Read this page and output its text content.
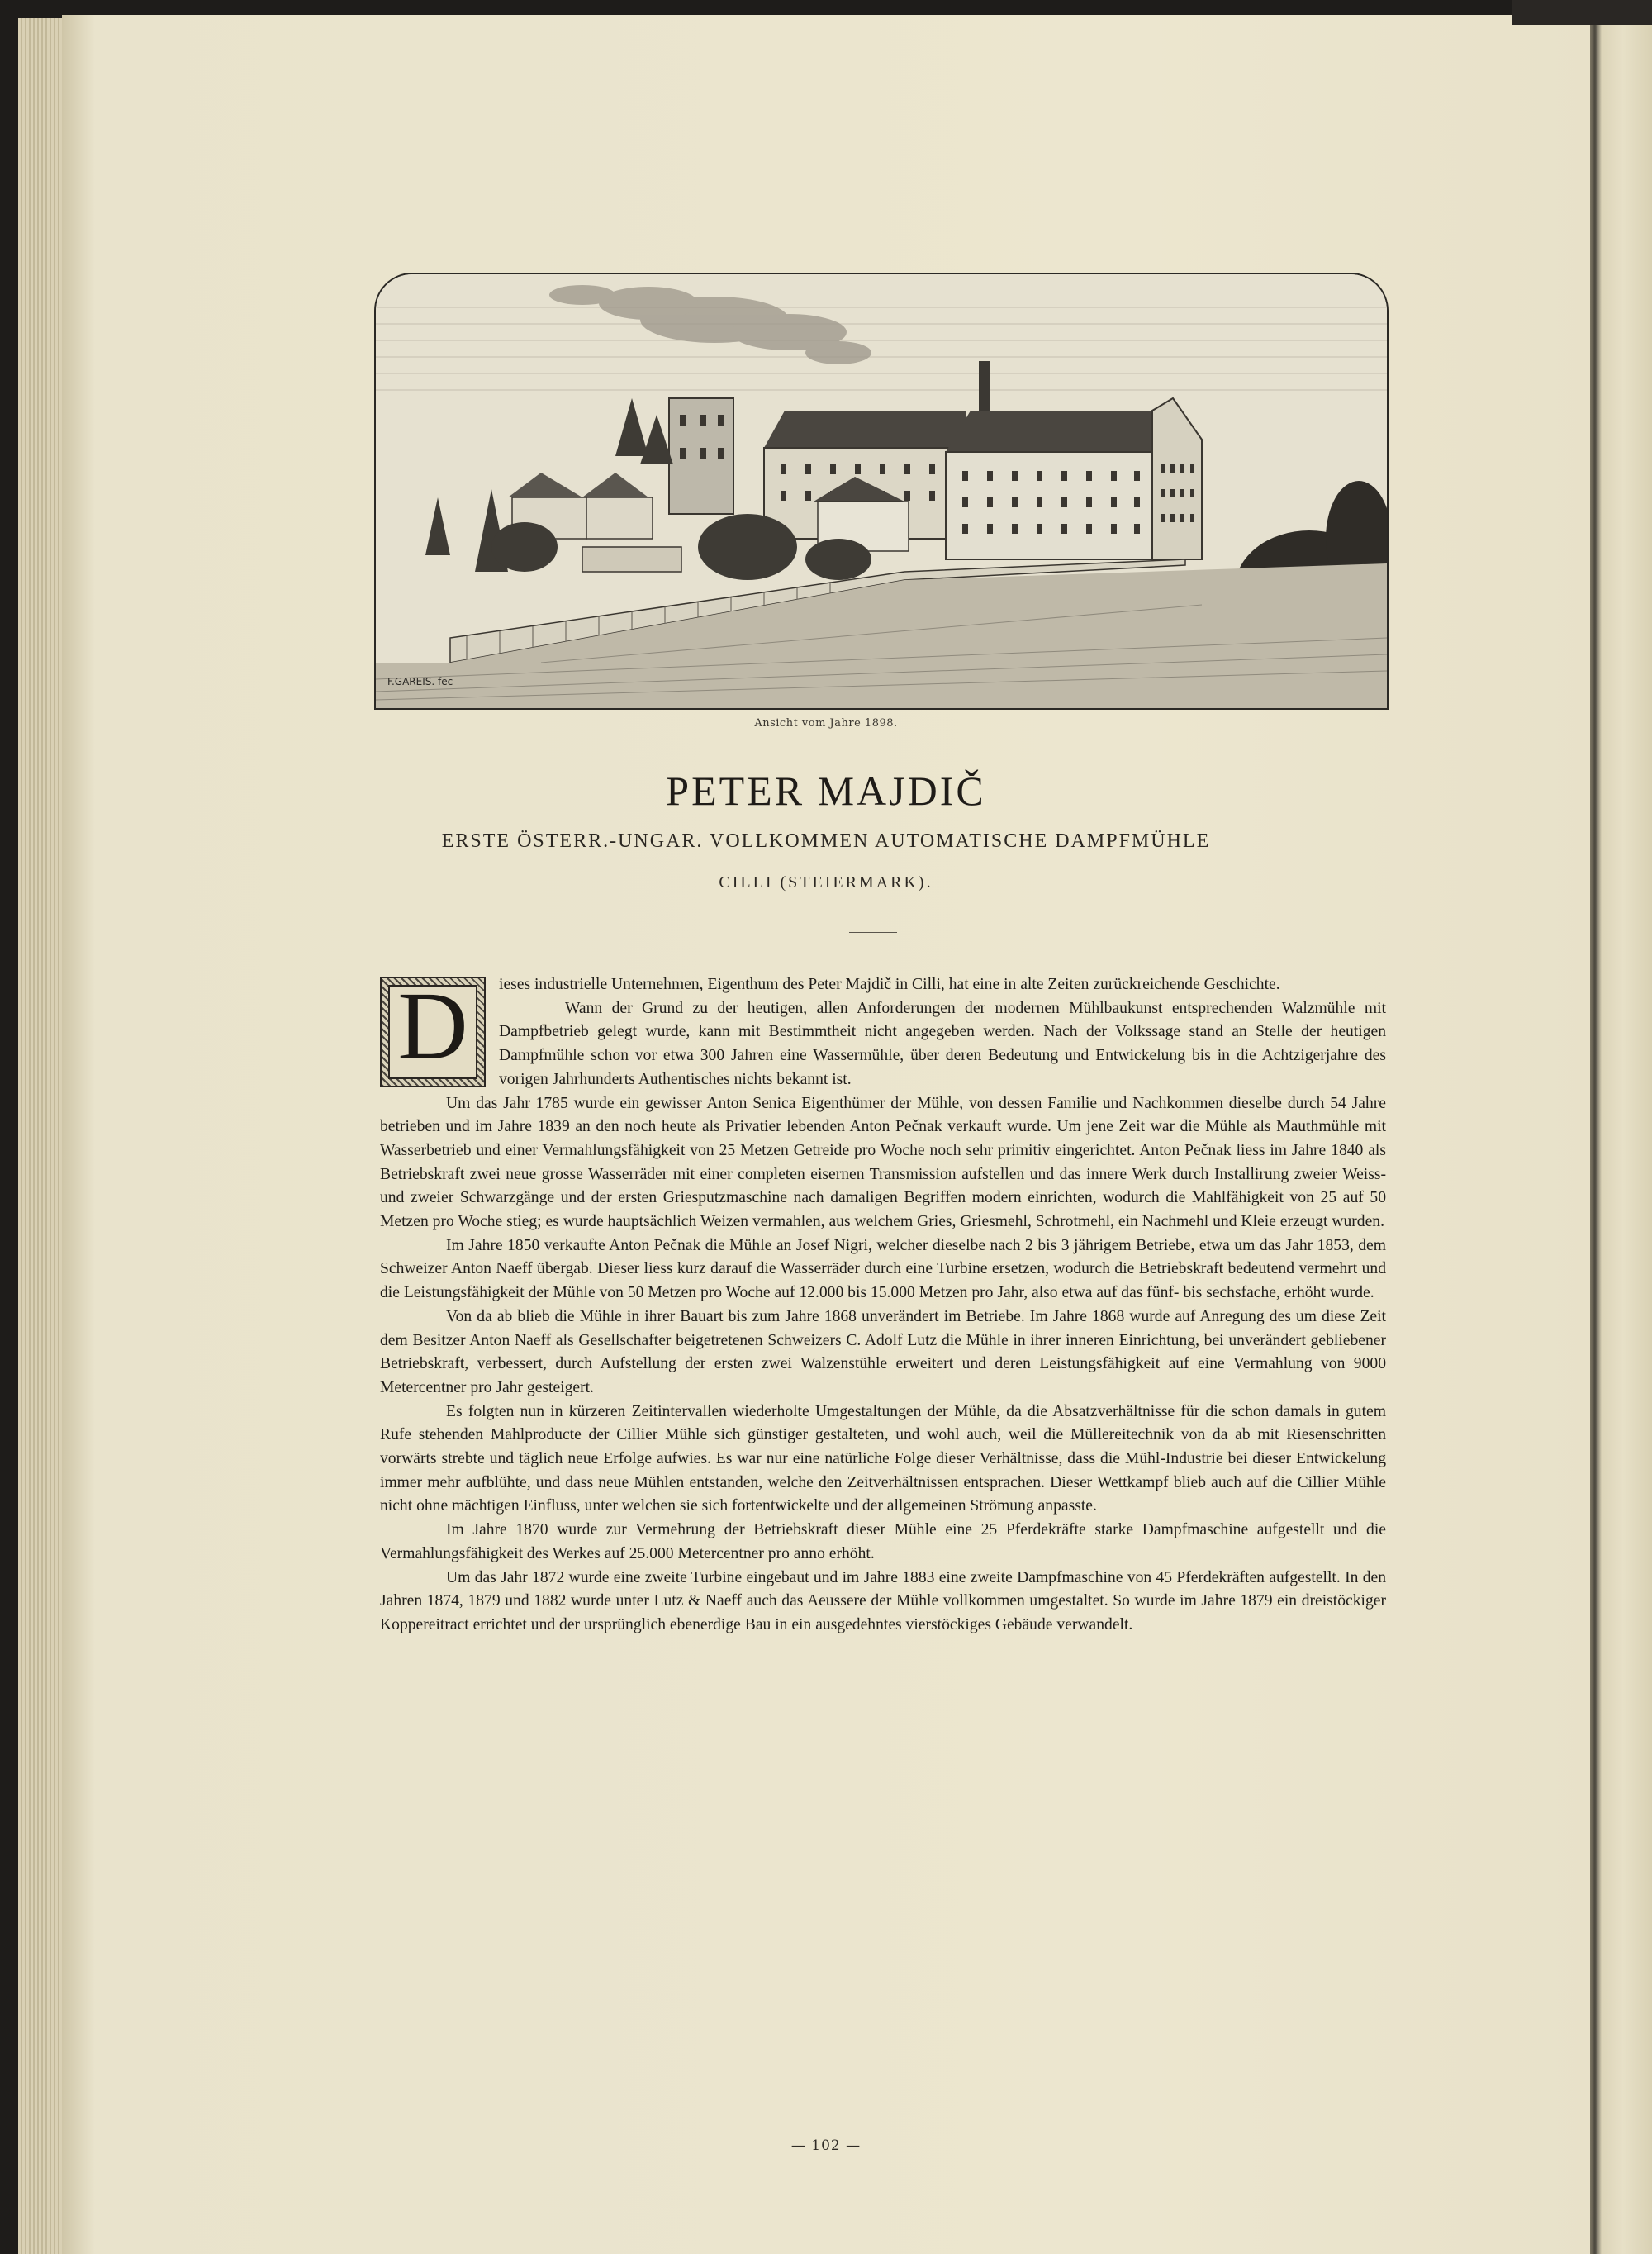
F.GAREIS. fec
Ansicht vom Jahre 1898.
PETER MAJDIČ
ERSTE ÖSTERR.-UNGAR. VOLLKOMMEN AUTOMATISCHE DAMPFMÜHLE
CILLI (STEIERMARK).

D	ieses industrielle Unternehmen, Eigenthum des Peter Majdič in Cilli, hat eine in alte Zeiten zurückreichende Geschichte.

Wann der Grund zu der heutigen, allen Anforderungen der modernen Mühlbaukunst entsprechenden Walzmühle mit Dampfbetrieb gelegt wurde, kann mit Bestimmtheit nicht angegeben werden. Nach der Volkssage stand an Stelle der heutigen Dampfmühle schon vor etwa 300 Jahren eine Wassermühle, über deren Bedeutung und Entwickelung bis in die Achtzigerjahre des vorigen Jahrhunderts Authentisches nichts bekannt ist.

Um das Jahr 1785 wurde ein gewisser Anton Senica Eigenthümer der Mühle, von dessen Familie und Nachkommen dieselbe durch 54 Jahre betrieben und im Jahre 1839 an den noch heute als Privatier lebenden Anton Pečnak verkauft wurde. Um jene Zeit war die Mühle als Mauthmühle mit Wasserbetrieb und einer Vermahlungsfähigkeit von 25 Metzen Getreide pro Woche noch sehr primitiv eingerichtet. Anton Pečnak liess im Jahre 1840 als Betriebskraft zwei neue grosse Wasserräder mit einer completen eisernen Transmission aufstellen und das innere Werk durch Installirung zweier Weiss- und zweier Schwarzgänge und der ersten Griesputzmaschine nach damaligen Begriffen modern einrichten, wodurch die Mahlfähigkeit von 25 auf 50 Metzen pro Woche stieg; es wurde hauptsächlich Weizen vermahlen, aus welchem Gries, Griesmehl, Schrotmehl, ein Nachmehl und Kleie erzeugt wurden.

Im Jahre 1850 verkaufte Anton Pečnak die Mühle an Josef Nigri, welcher dieselbe nach 2 bis 3 jährigem Betriebe, etwa um das Jahr 1853, dem Schweizer Anton Naeff übergab. Dieser liess kurz darauf die Wasserräder durch eine Turbine ersetzen, wodurch die Betriebskraft bedeutend vermehrt und die Leistungsfähigkeit der Mühle von 50 Metzen pro Woche auf 12.000 bis 15.000 Metzen pro Jahr, also etwa auf das fünf- bis sechsfache, erhöht wurde.

Von da ab blieb die Mühle in ihrer Bauart bis zum Jahre 1868 unverändert im Betriebe. Im Jahre 1868 wurde auf Anregung des um diese Zeit dem Besitzer Anton Naeff als Gesellschafter beigetretenen Schweizers C. Adolf Lutz die Mühle in ihrer inneren Einrichtung, bei unverändert gebliebener Betriebskraft, verbessert, durch Aufstellung der ersten zwei Walzenstühle erweitert und deren Leistungsfähigkeit auf eine Vermahlung von 9000 Metercentner pro Jahr gesteigert.

Es folgten nun in kürzeren Zeitintervallen wiederholte Umgestaltungen der Mühle, da die Absatzverhältnisse für die schon damals in gutem Rufe stehenden Mahlproducte der Cillier Mühle sich günstiger gestalteten, und wohl auch, weil die Müllereitechnik von da ab mit Riesenschritten vorwärts strebte und täglich neue Erfolge aufwies. Es war nur eine natürliche Folge dieser Verhältnisse, dass die Mühl-Industrie bei dieser Entwickelung immer mehr aufblühte, und dass neue Mühlen entstanden, welche den Zeitverhältnissen entsprachen. Dieser Wettkampf blieb auch auf die Cillier Mühle nicht ohne mächtigen Einfluss, unter welchen sie sich fortentwickelte und der allgemeinen Strömung anpasste.

Im Jahre 1870 wurde zur Vermehrung der Betriebskraft dieser Mühle eine 25 Pferdekräfte starke Dampfmaschine aufgestellt und die Vermahlungsfähigkeit des Werkes auf 25.000 Metercentner pro anno erhöht.

Um das Jahr 1872 wurde eine zweite Turbine eingebaut und im Jahre 1883 eine zweite Dampfmaschine von 45 Pferdekräften aufgestellt. In den Jahren 1874, 1879 und 1882 wurde unter Lutz & Naeff auch das Aeussere der Mühle vollkommen umgestaltet. So wurde im Jahre 1879 ein dreistöckiger Koppereitract errichtet und der ursprünglich ebenerdige Bau in ein ausgedehntes vierstöckiges Gebäude verwandelt.

— 102 —
